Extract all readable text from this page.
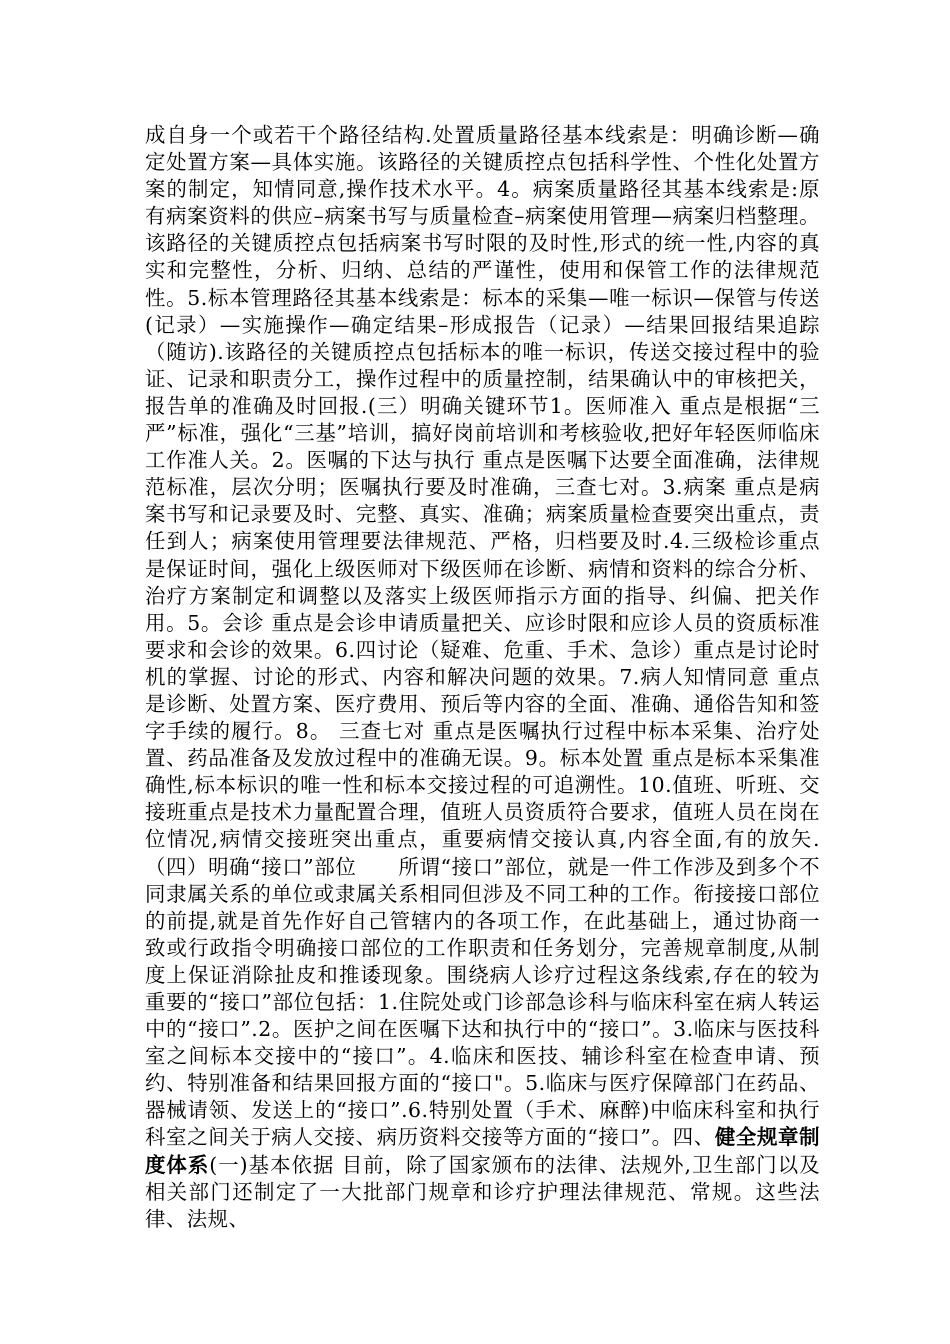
成自身一个或若干个路径结构.处置质量路径基本线索是：明确诊断—确定处置方案—具体实施。该路径的关键质控点包括科学性、个性化处置方案的制定，知情同意,操作技术水平。4。病案质量路径其基本线索是:原有病案资料的供应–病案书写与质量检查–病案使用管理—病案归档整理。该路径的关键质控点包括病案书写时限的及时性,形式的统一性,内容的真实和完整性，分析、归纳、总结的严谨性，使用和保管工作的法律规范性。5.标本管理路径其基本线索是：标本的采集—唯一标识—保管与传送(记录）—实施操作—确定结果–形成报告（记录）—结果回报结果追踪（随访).该路径的关键质控点包括标本的唯一标识，传送交接过程中的验证、记录和职责分工，操作过程中的质量控制，结果确认中的审核把关，报告单的准确及时回报.(三）明确关键环节1。医师准入 重点是根据“三严”标准，强化“三基”培训，搞好岗前培训和考核验收,把好年轻医师临床工作准人关。2。医嘱的下达与执行 重点是医嘱下达要全面准确，法律规范标准，层次分明；医嘱执行要及时准确，三查七对。3.病案 重点是病案书写和记录要及时、完整、真实、准确；病案质量检查要突出重点，责任到人；病案使用管理要法律规范、严格，归档要及时.4.三级检诊重点是保证时间，强化上级医师对下级医师在诊断、病情和资料的综合分析、治疗方案制定和调整以及落实上级医师指示方面的指导、纠偏、把关作用。5。会诊 重点是会诊申请质量把关、应诊时限和应诊人员的资质标准要求和会诊的效果。6.四讨论（疑难、危重、手术、急诊）重点是讨论时机的掌握、讨论的形式、内容和解决问题的效果。7.病人知情同意 重点是诊断、处置方案、医疗费用、预后等内容的全面、准确、通俗告知和签字手续的履行。8。 三查七对 重点是医嘱执行过程中标本采集、治疗处置、药品准备及发放过程中的准确无误。9。标本处置 重点是标本采集准确性,标本标识的唯一性和标本交接过程的可追溯性。10.值班、听班、交接班重点是技术力量配置合理，值班人员资质符合要求，值班人员在岗在位情况,病情交接班突出重点，重要病情交接认真,内容全面,有的放矢.（四）明确“接口”部位　　所谓“接口”部位，就是一件工作涉及到多个不同隶属关系的单位或隶属关系相同但涉及不同工种的工作。衔接接口部位的前提,就是首先作好自己管辖内的各项工作，在此基础上，通过协商一致或行政指令明确接口部位的工作职责和任务划分，完善规章制度,从制度上保证消除扯皮和推诿现象。围绕病人诊疗过程这条线索,存在的较为重要的“接口”部位包括：1.住院处或门诊部急诊科与临床科室在病人转运中的“接口”.2。医护之间在医嘱下达和执行中的“接口”。3.临床与医技科室之间标本交接中的“接口”。4.临床和医技、辅诊科室在检查申请、预约、特别准备和结果回报方面的“接口"。5.临床与医疗保障部门在药品、器械请领、发送上的“接口”.6.特别处置（手术、麻醉)中临床科室和执行科室之间关于病人交接、病历资料交接等方面的“接口”。四、健全规章制度体系(一)基本依据 目前，除了国家颁布的法律、法规外,卫生部门以及相关部门还制定了一大批部门规章和诊疗护理法律规范、常规。这些法律、法规、
